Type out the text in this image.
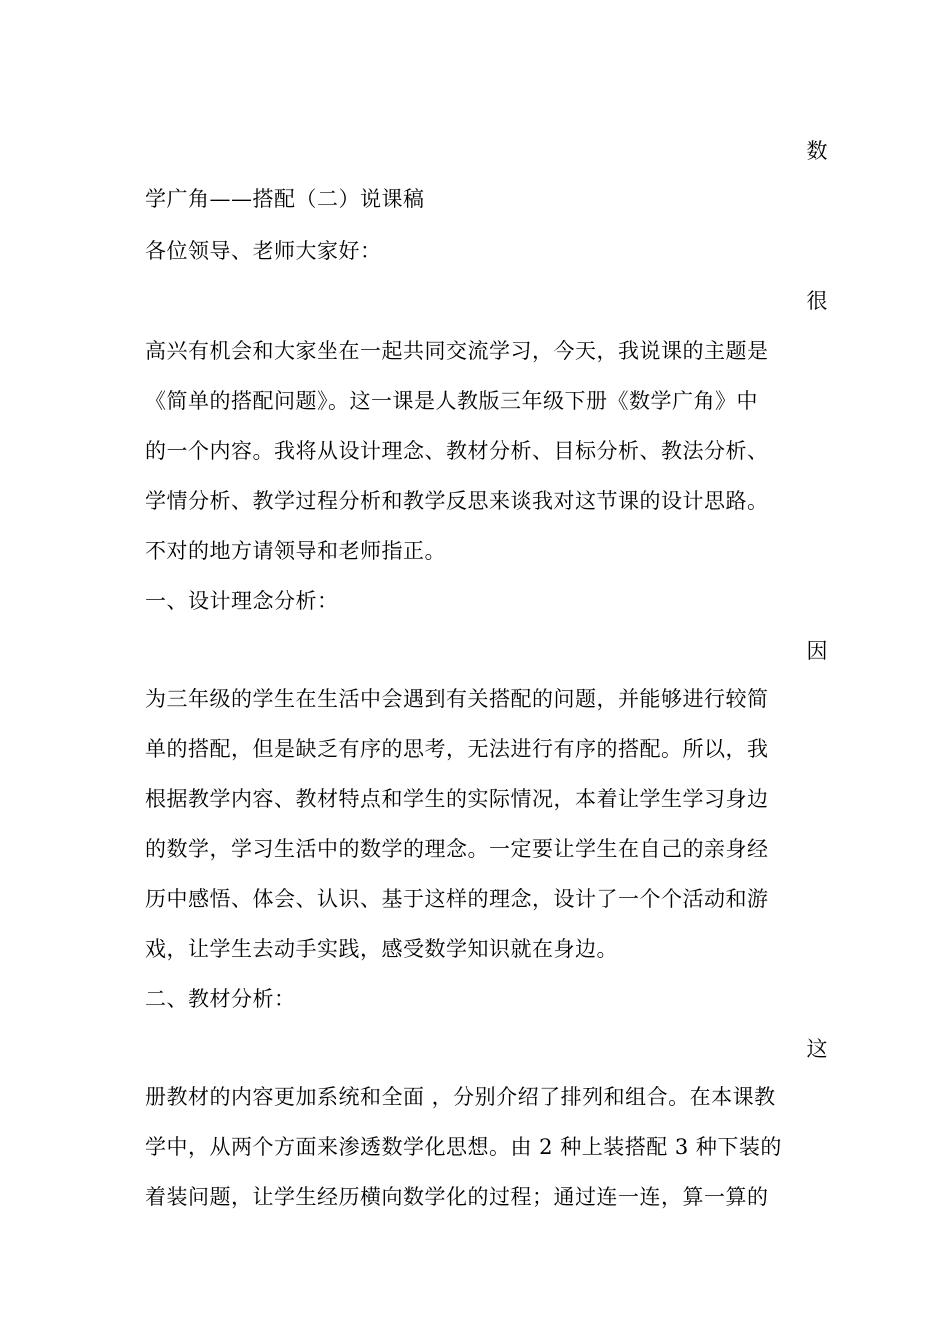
数
学广角——搭配（二）说课稿
各位领导、老师大家好：
很
高兴有机会和大家坐在一起共同交流学习，今天，我说课的主题是
《简单的搭配问题》。这一课是人教版三年级下册《数学广角》中
的一个内容。我将从设计理念、教材分析、目标分析、教法分析、
学情分析、教学过程分析和教学反思来谈我对这节课的设计思路。
不对的地方请领导和老师指正。
一、设计理念分析：
因
为三年级的学生在生活中会遇到有关搭配的问题，并能够进行较简
单的搭配，但是缺乏有序的思考，无法进行有序的搭配。所以，我
根据教学内容、教材特点和学生的实际情况，本着让学生学习身边
的数学，学习生活中的数学的理念。一定要让学生在自己的亲身经
历中感悟、体会、认识、基于这样的理念，设计了一个个活动和游
戏，让学生去动手实践，感受数学知识就在身边。
二、教材分析：
这
册教材的内容更加系统和全面 ，分别介绍了排列和组合。在本课教
学中，从两个方面来渗透数学化思想。由 2 种上装搭配 3 种下装的
着装问题，让学生经历横向数学化的过程；通过连一连，算一算的
